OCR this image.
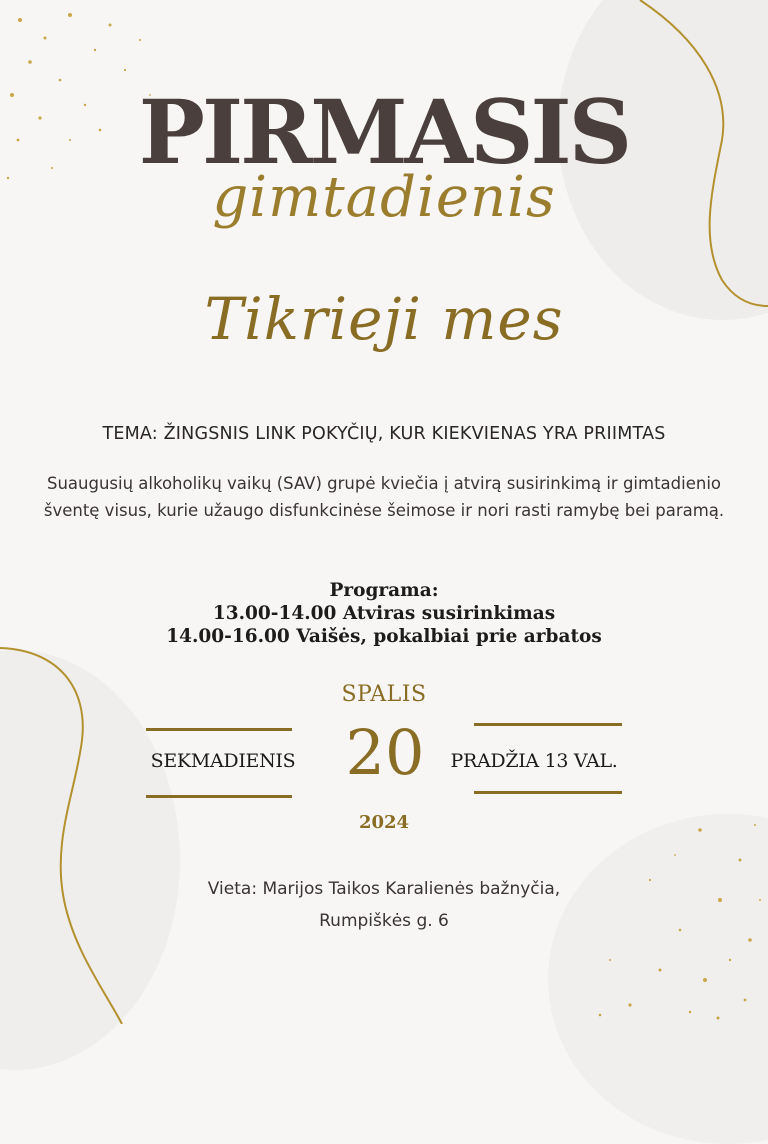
PIRMASIS
gimtadienis
Tikrieji mes
TEMA: ŽINGSNIS LINK POKYČIŲ, KUR KIEKVIENAS YRA PRIIMTAS
Suaugusių alkoholikų vaikų (SAV) grupė kviečia į atvirą susirinkimą ir gimtadienio šventę visus, kurie užaugo disfunkcinėse šeimose ir nori rasti ramybę bei paramą.
Programa:
13.00-14.00 Atviras susirinkimas
14.00-16.00 Vaišės, pokalbiai prie arbatos
SPALIS
SEKMADIENIS 20	PRADŽIA 13 VAL.
2024
Vieta: Marijos Taikos Karalienės bažnyčia,
Rumpiškės g. 6
